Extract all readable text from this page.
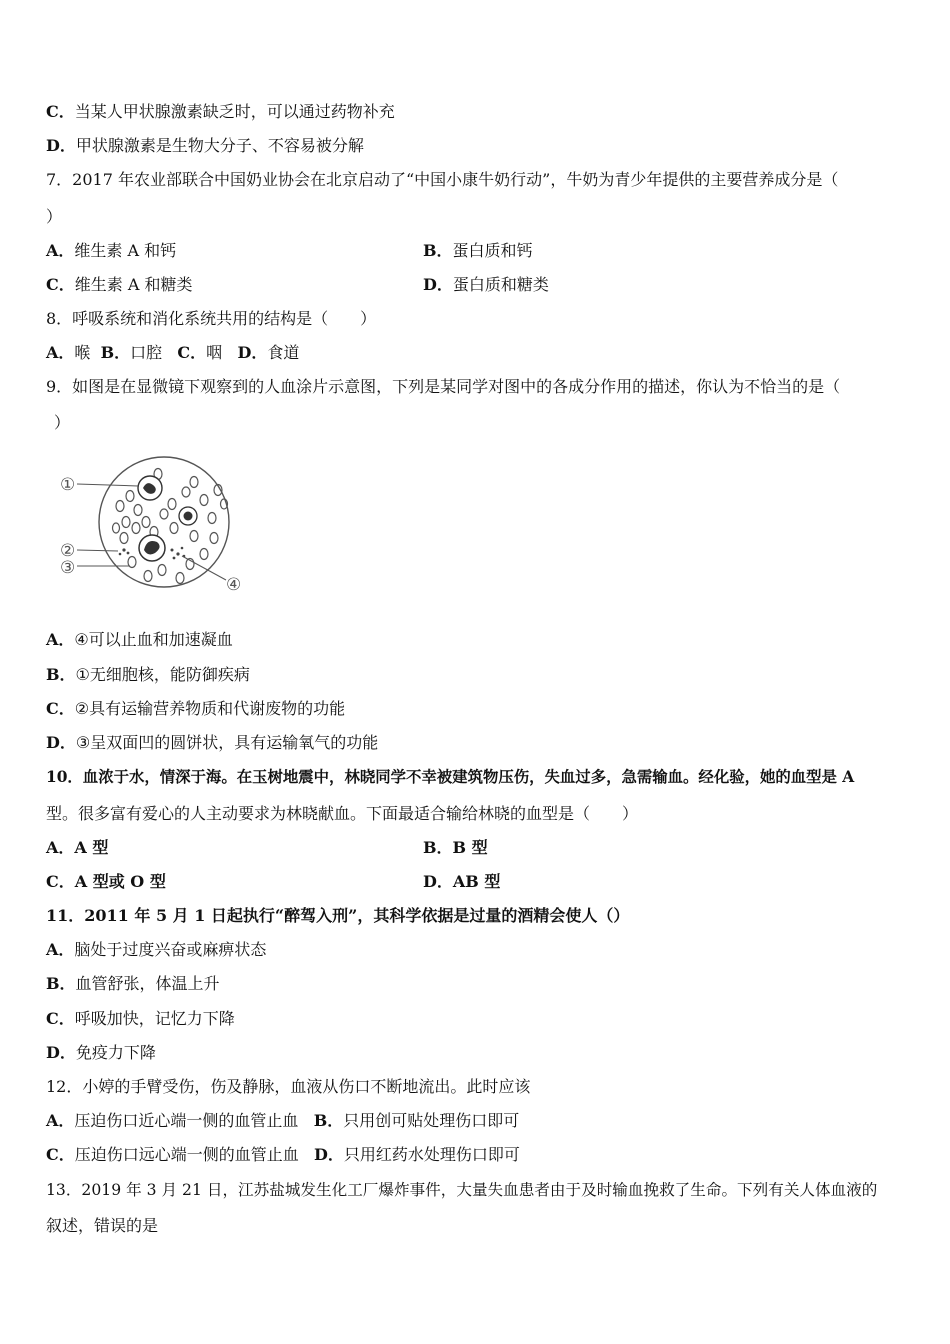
C．当某人甲状腺激素缺乏时，可以通过药物补充
D．甲状腺激素是生物大分子、不容易被分解
7．2017 年农业部联合中国奶业协会在北京启动了“中国小康牛奶行动”，牛奶为青少年提供的主要营养成分是（
）
A．维生素 A 和钙	B．蛋白质和钙
C．维生素 A 和糖类	D．蛋白质和糖类
8．呼吸系统和消化系统共用的结构是（　　）
A．喉 B．口腔 C．咽 D．食道
9．如图是在显微镜下观察到的人血涂片示意图，下列是某同学对图中的各成分作用的描述，你认为不恰当的是（
）
①
②
③
④
A．④可以止血和加速凝血
B．①无细胞核，能防御疾病
C．②具有运输营养物质和代谢废物的功能
D．③呈双面凹的圆饼状，具有运输氧气的功能
10．血浓于水，情深于海。在玉树地震中，林晓同学不幸被建筑物压伤，失血过多，急需输血。经化验，她的血型是 A
型。很多富有爱心的人主动要求为林晓献血。下面最适合输给林晓的血型是（　　）
A．A 型	B．B 型
C．A 型或 O 型	D．AB 型
11．2011 年 5 月 1 日起执行“醉驾入刑”，其科学依据是过量的酒精会使人（）
A．脑处于过度兴奋或麻痹状态
B．血管舒张，体温上升
C．呼吸加快，记忆力下降
D．免疫力下降
12．小婷的手臂受伤，伤及静脉，血液从伤口不断地流出。此时应该
A．压迫伤口近心端一侧的血管止血 B．只用创可贴处理伤口即可
C．压迫伤口远心端一侧的血管止血 D．只用红药水处理伤口即可
13．2019 年 3 月 21 日，江苏盐城发生化工厂爆炸事件，大量失血患者由于及时输血挽救了生命。下列有关人体血液的
叙述，错误的是
